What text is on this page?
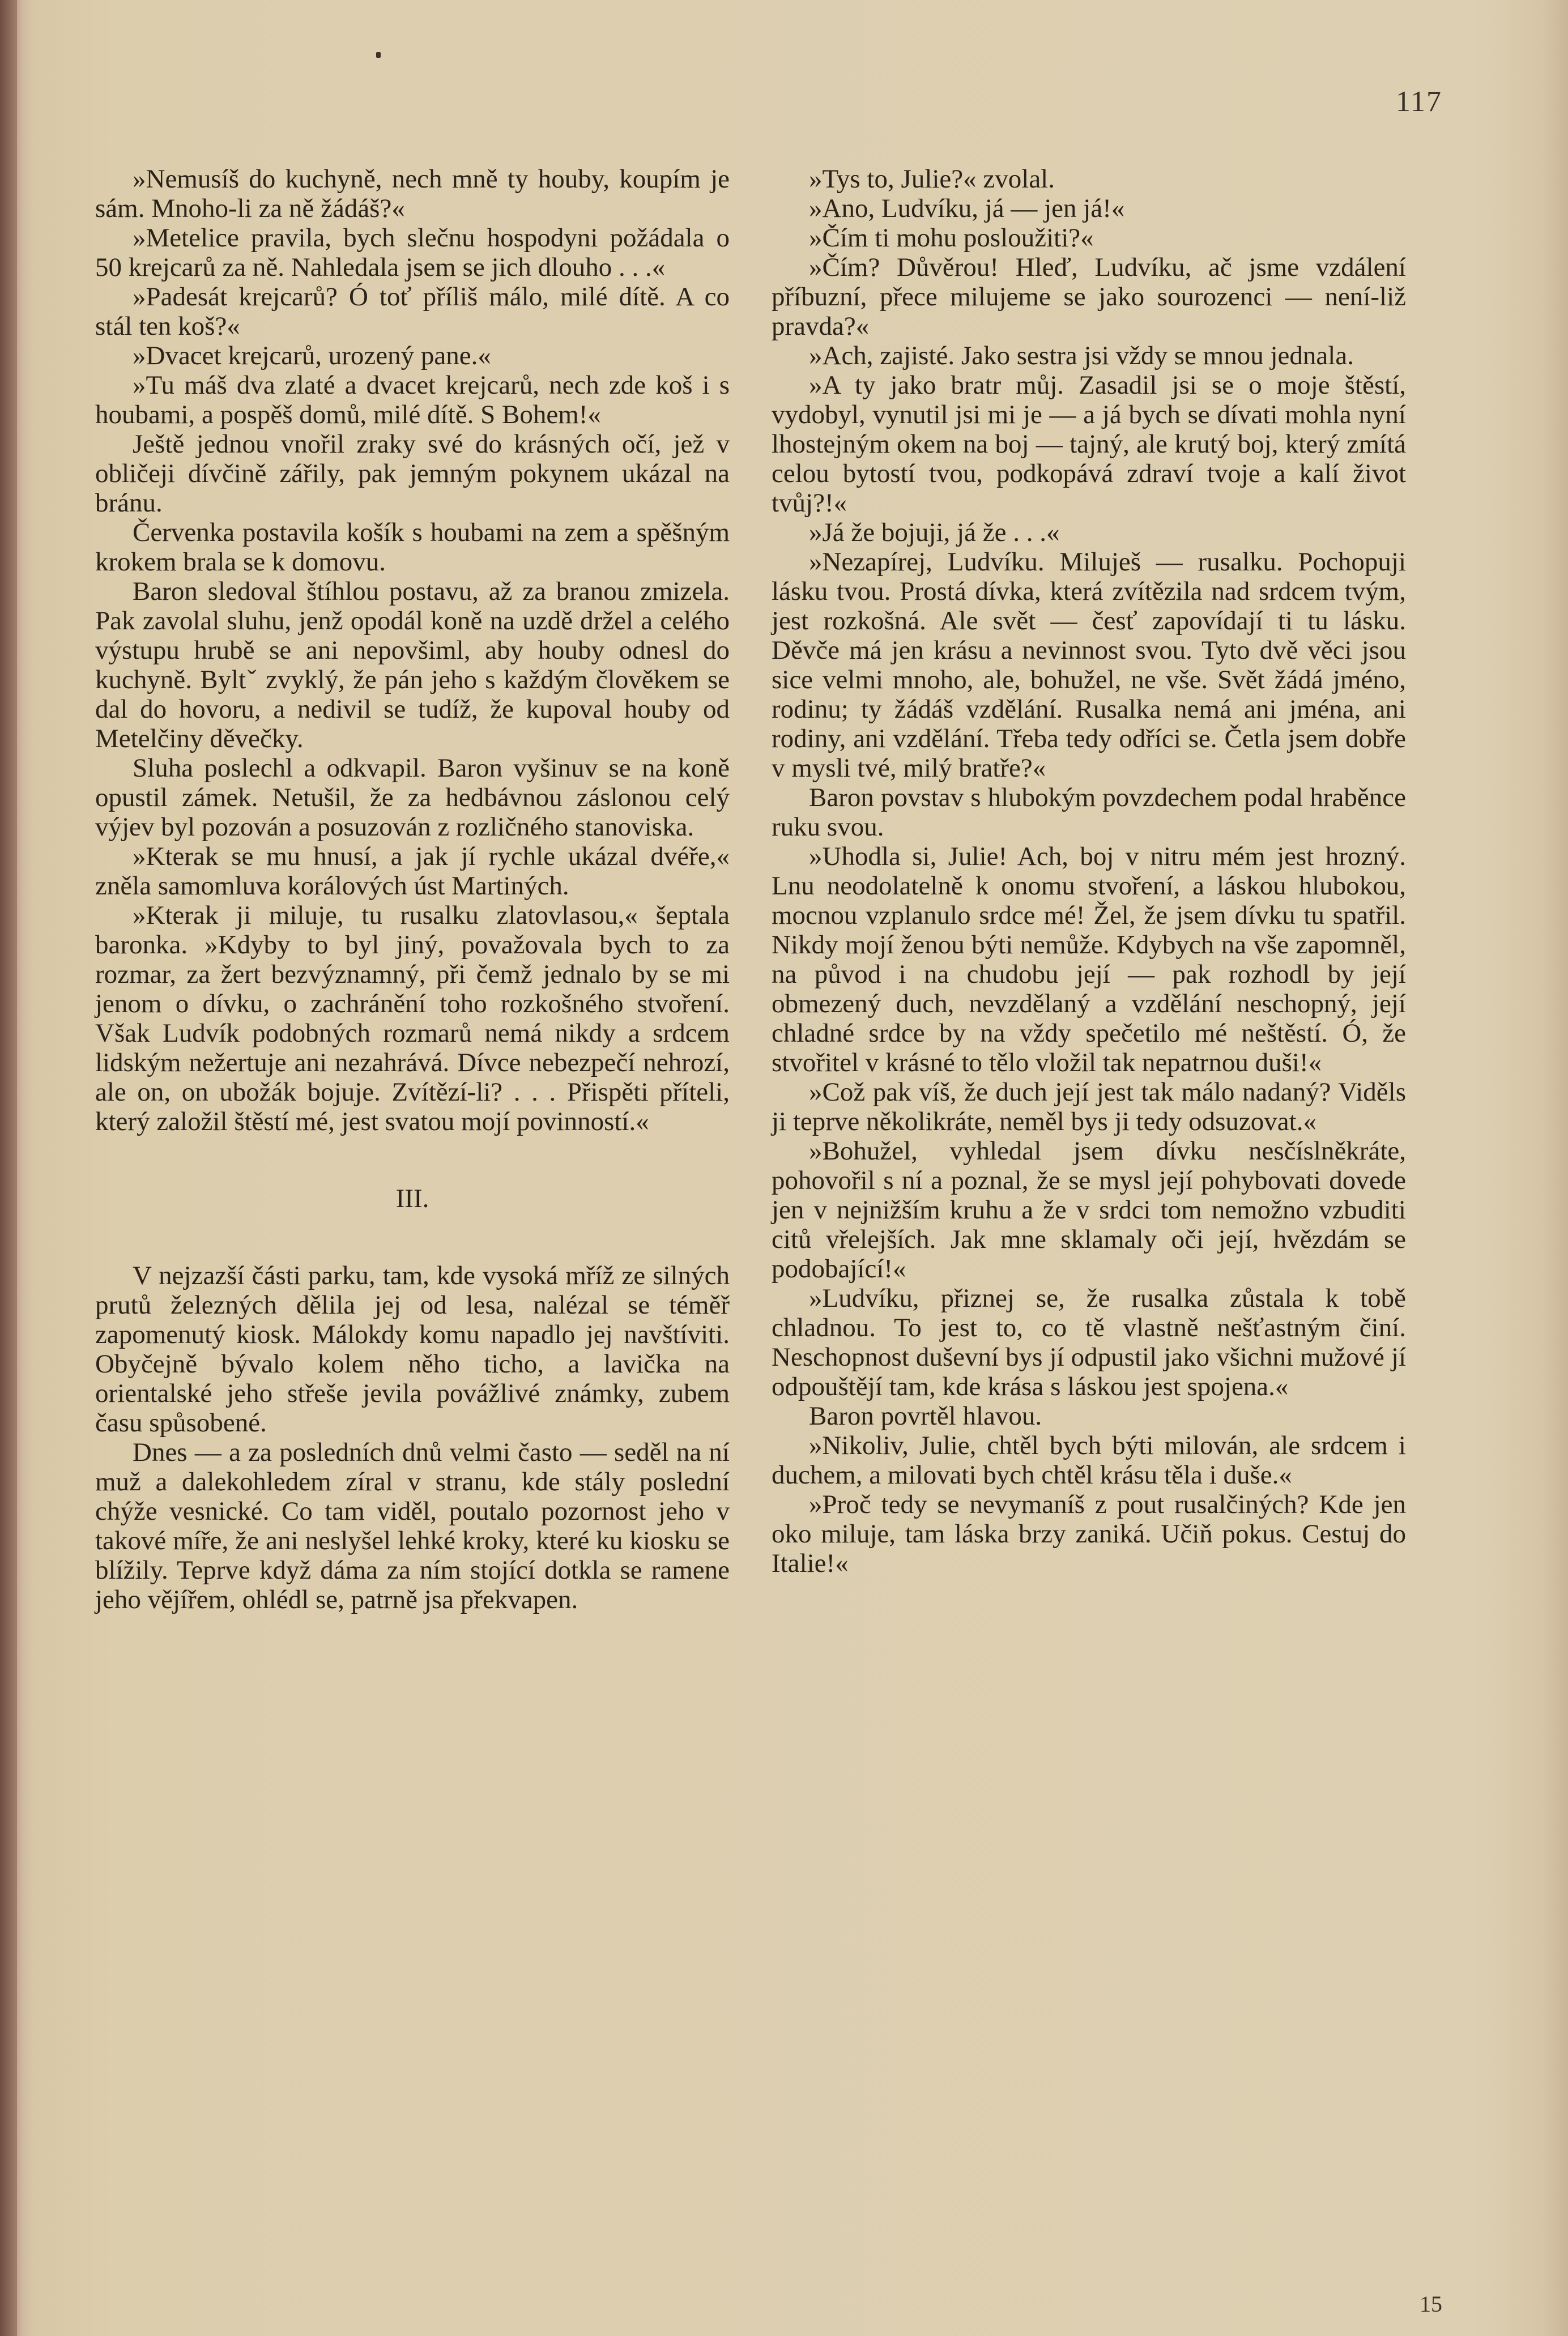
117

»Nemusíš do kuchyně, nech mně ty houby, koupím je sám. Mnoho-li za ně žádáš?«

»Metelice pravila, bych slečnu hospodyni požádala o 50 krejcarů za ně. Nahledala jsem se jich dlouho . . .«

»Padesát krejcarů? Ó toť příliš málo, milé dítě. A co stál ten koš?«

»Dvacet krejcarů, urozený pane.«

»Tu máš dva zlaté a dvacet krejcarů, nech zde koš i s houbami, a pospěš domů, milé dítě. S Bohem!«

Ještě jednou vnořil zraky své do krásných očí, jež v obličeji dívčině zářily, pak jemným pokynem ukázal na bránu.

Červenka postavila košík s houbami na zem a spěšným krokem brala se k domovu.

Baron sledoval štíhlou postavu, až za branou zmizela. Pak zavolal sluhu, jenž opodál koně na uzdě držel a celého výstupu hrubě se ani nepovšiml, aby houby odnesl do kuchyně. Byltˇ zvyklý, že pán jeho s každým člověkem se dal do hovoru, a nedivil se tudíž, že kupoval houby od Metelčiny děvečky.

Sluha poslechl a odkvapil. Baron vyšinuv se na koně opustil zámek. Netušil, že za hedbávnou záslonou celý výjev byl pozován a posuzován z rozličného stanoviska.

»Kterak se mu hnusí, a jak jí rychle ukázal dvéře,« zněla samomluva korálových úst Martiných.

»Kterak ji miluje, tu rusalku zlatovlasou,« šeptala baronka. »Kdyby to byl jiný, považovala bych to za rozmar, za žert bezvýznamný, při čemž jednalo by se mi jenom o dívku, o zachránění toho rozkošného stvoření. Však Ludvík podobných rozmarů nemá nikdy a srdcem lidským nežertuje ani nezahrává. Dívce nebezpečí nehrozí, ale on, on ubožák bojuje. Zvítězí-li? . . . Přispěti příteli, který založil štěstí mé, jest svatou mojí povinností.«

III.

V nejzazší části parku, tam, kde vysoká mříž ze silných prutů železných dělila jej od lesa, nalézal se téměř zapomenutý kiosk. Málokdy komu napadlo jej navštíviti. Obyčejně bývalo kolem něho ticho, a lavička na orientalské jeho střeše jevila povážlivé známky, zubem času spůsobené.

Dnes — a za posledních dnů velmi často — seděl na ní muž a dalekohledem zíral v stranu, kde stály poslední chýže vesnické. Co tam viděl, poutalo pozornost jeho v takové míře, že ani neslyšel lehké kroky, které ku kiosku se blížily. Teprve když dáma za ním stojící dotkla se ramene jeho vějířem, ohlédl se, patrně jsa překvapen.

»Tys to, Julie?« zvolal.

»Ano, Ludvíku, já — jen já!«

»Čím ti mohu posloužiti?«

»Čím? Důvěrou! Hleď, Ludvíku, ač jsme vzdálení příbuzní, přece milujeme se jako sourozenci — není-liž pravda?«

»Ach, zajisté. Jako sestra jsi vždy se mnou jednala.

»A ty jako bratr můj. Zasadil jsi se o moje štěstí, vydobyl, vynutil jsi mi je — a já bych se dívati mohla nyní lhostejným okem na boj — tajný, ale krutý boj, který zmítá celou bytostí tvou, podkopává zdraví tvoje a kalí život tvůj?!«

»Já že bojuji, já že . . .«

»Nezapírej, Ludvíku. Miluješ — rusalku. Pochopuji lásku tvou. Prostá dívka, která zvítězila nad srdcem tvým, jest rozkošná. Ale svět — česť zapovídají ti tu lásku. Děvče má jen krásu a nevinnost svou. Tyto dvě věci jsou sice velmi mnoho, ale, bohužel, ne vše. Svět žádá jméno, rodinu; ty žádáš vzdělání. Rusalka nemá ani jména, ani rodiny, ani vzdělání. Třeba tedy odříci se. Četla jsem dobře v mysli tvé, milý bratře?«

Baron povstav s hlubokým povzdechem podal hraběnce ruku svou.

»Uhodla si, Julie! Ach, boj v nitru mém jest hrozný. Lnu neodolatelně k onomu stvoření, a láskou hlubokou, mocnou vzplanulo srdce mé! Žel, že jsem dívku tu spatřil. Nikdy mojí ženou býti nemůže. Kdybych na vše zapomněl, na původ i na chudobu její — pak rozhodl by její obmezený duch, nevzdělaný a vzdělání neschopný, její chladné srdce by na vždy spečetilo mé neštěstí. Ó, že stvořitel v krásné to tělo vložil tak nepatrnou duši!«

»Což pak víš, že duch její jest tak málo nadaný? Viděls ji teprve několikráte, neměl bys ji tedy odsuzovat.«

»Bohužel, vyhledal jsem dívku nesčíslněkráte, pohovořil s ní a poznal, že se mysl její pohybovati dovede jen v nejnižším kruhu a že v srdci tom nemožno vzbuditi citů vřelejších. Jak mne sklamaly oči její, hvězdám se podobající!«

»Ludvíku, přiznej se, že rusalka zůstala k tobě chladnou. To jest to, co tě vlastně nešťastným činí. Neschopnost duševní bys jí odpustil jako všichni mužové jí odpouštějí tam, kde krása s láskou jest spojena.«

Baron povrtěl hlavou.

»Nikoliv, Julie, chtěl bych býti milován, ale srdcem i duchem, a milovati bych chtěl krásu těla i duše.«

»Proč tedy se nevymaníš z pout rusalčiných? Kde jen oko miluje, tam láska brzy zaniká. Učiň pokus. Cestuj do Italie!«

15
